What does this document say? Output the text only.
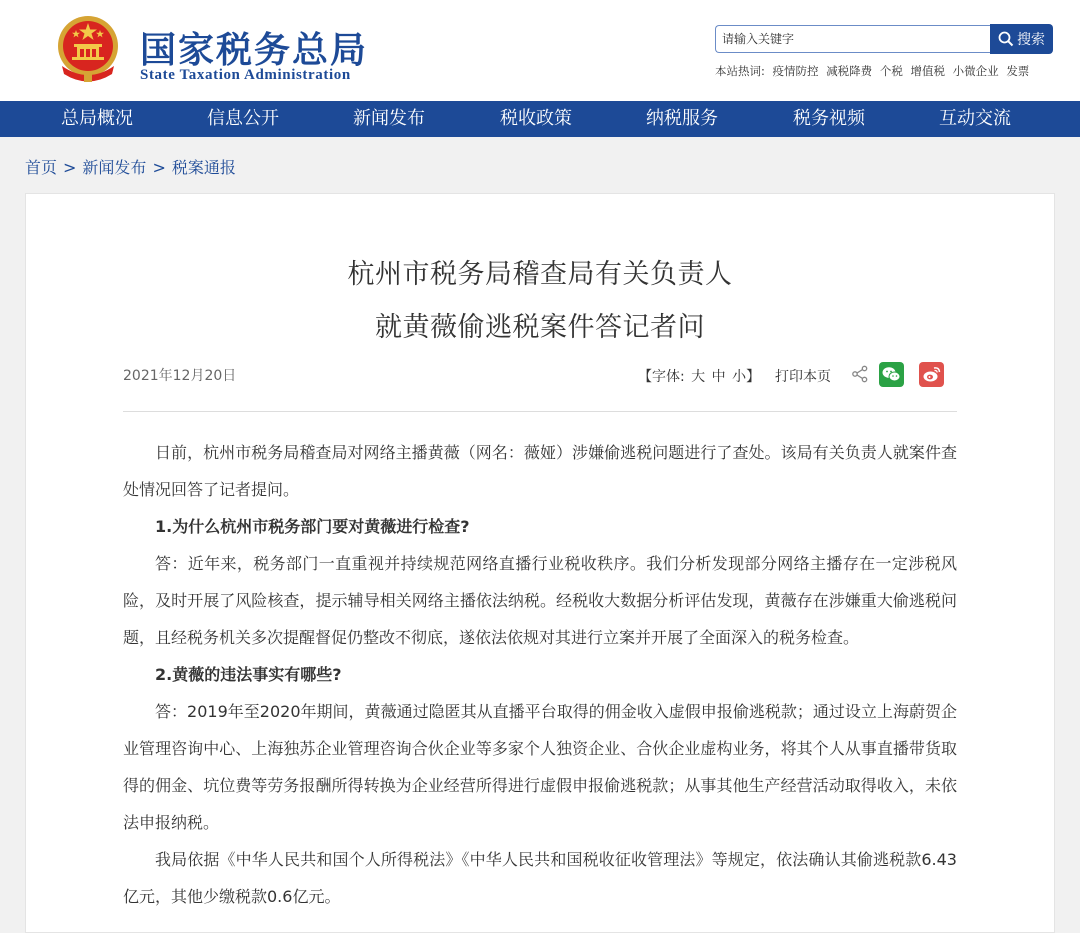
国家税务总局
State Taxation Administration
请输入关键字
搜索
本站热词: 疫情防控 减税降费 个税 增值税 小微企业 发票
总局概况	信息公开	新闻发布	税收政策	纳税服务	税务视频	互动交流
首页 > 新闻发布 > 税案通报
杭州市税务局稽查局有关负责人
就黄薇偷逃税案件答记者问
2021年12月20日	【字体: 大 中 小】 打印本页

日前，杭州市税务局稽查局对网络主播黄薇（网名：薇娅）涉嫌偷逃税问题进行了查处。该局有关负责人就案件查处情况回答了记者提问。

1.为什么杭州市税务部门要对黄薇进行检查?

答：近年来，税务部门一直重视并持续规范网络直播行业税收秩序。我们分析发现部分网络主播存在一定涉税风险，及时开展了风险核查，提示辅导相关网络主播依法纳税。经税收大数据分析评估发现，黄薇存在涉嫌重大偷逃税问题，且经税务机关多次提醒督促仍整改不彻底，遂依法依规对其进行立案并开展了全面深入的税务检查。

2.黄薇的违法事实有哪些?

答：2019年至2020年期间，黄薇通过隐匿其从直播平台取得的佣金收入虚假申报偷逃税款；通过设立上海蔚贺企业管理咨询中心、上海独苏企业管理咨询合伙企业等多家个人独资企业、合伙企业虚构业务，将其个人从事直播带货取得的佣金、坑位费等劳务报酬所得转换为企业经营所得进行虚假申报偷逃税款；从事其他生产经营活动取得收入，未依法申报纳税。

我局依据《中华人民共和国个人所得税法》《中华人民共和国税收征收管理法》等规定，依法确认其偷逃税款6.43亿元，其他少缴税款0.6亿元。
